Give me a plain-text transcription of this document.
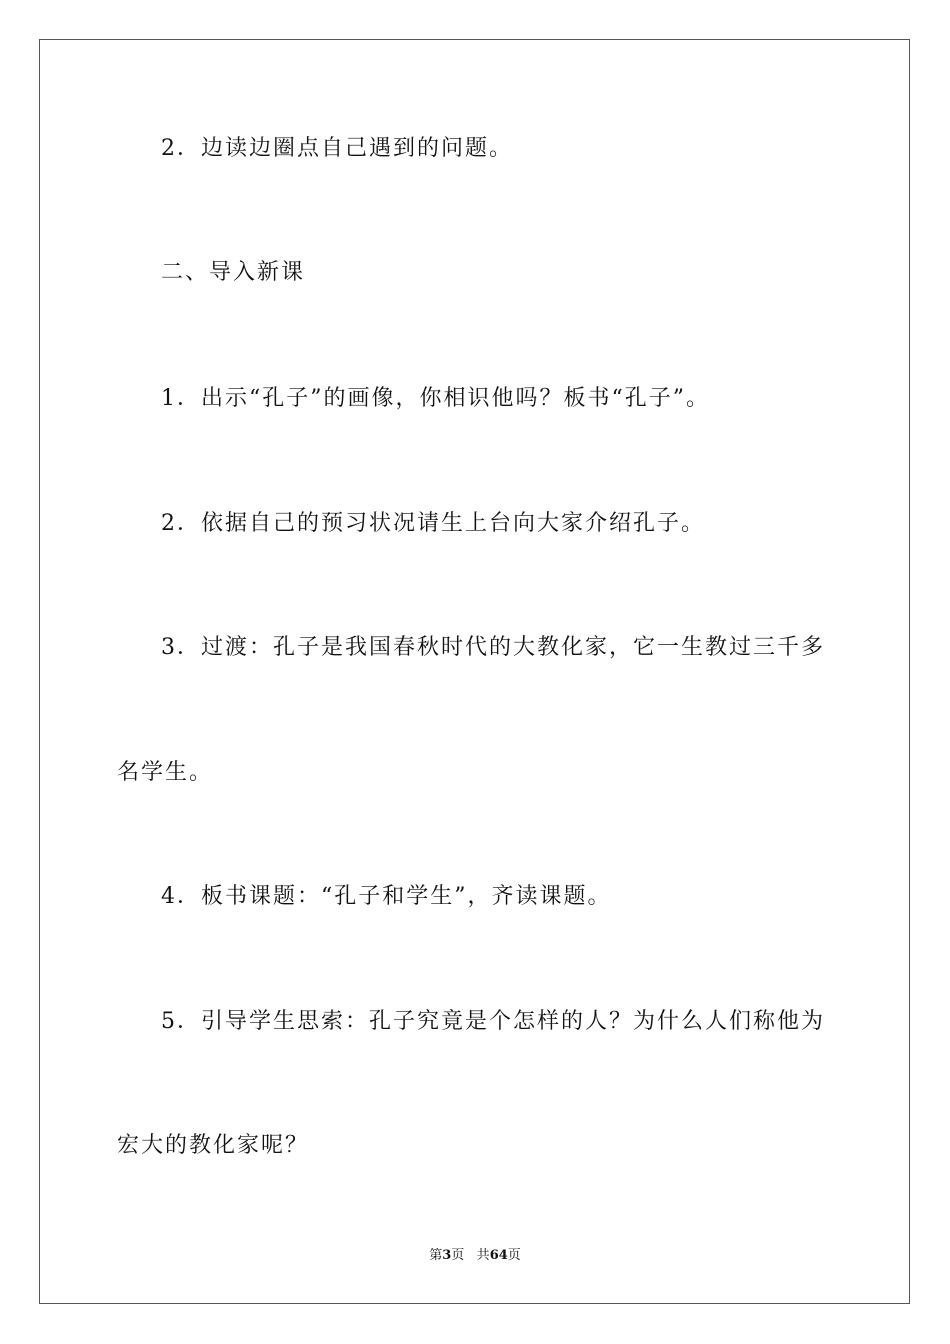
2．边读边圈点自己遇到的问题。
二、导入新课
1．出示“孔子”的画像，你相识他吗？板书“孔子”。
2．依据自己的预习状况请生上台向大家介绍孔子。
3．过渡：孔子是我国春秋时代的大教化家，它一生教过三千多
名学生。
4．板书课题：“孔子和学生”，齐读课题。
5．引导学生思索：孔子究竟是个怎样的人？为什么人们称他为
宏大的教化家呢？
第3页 共64页
